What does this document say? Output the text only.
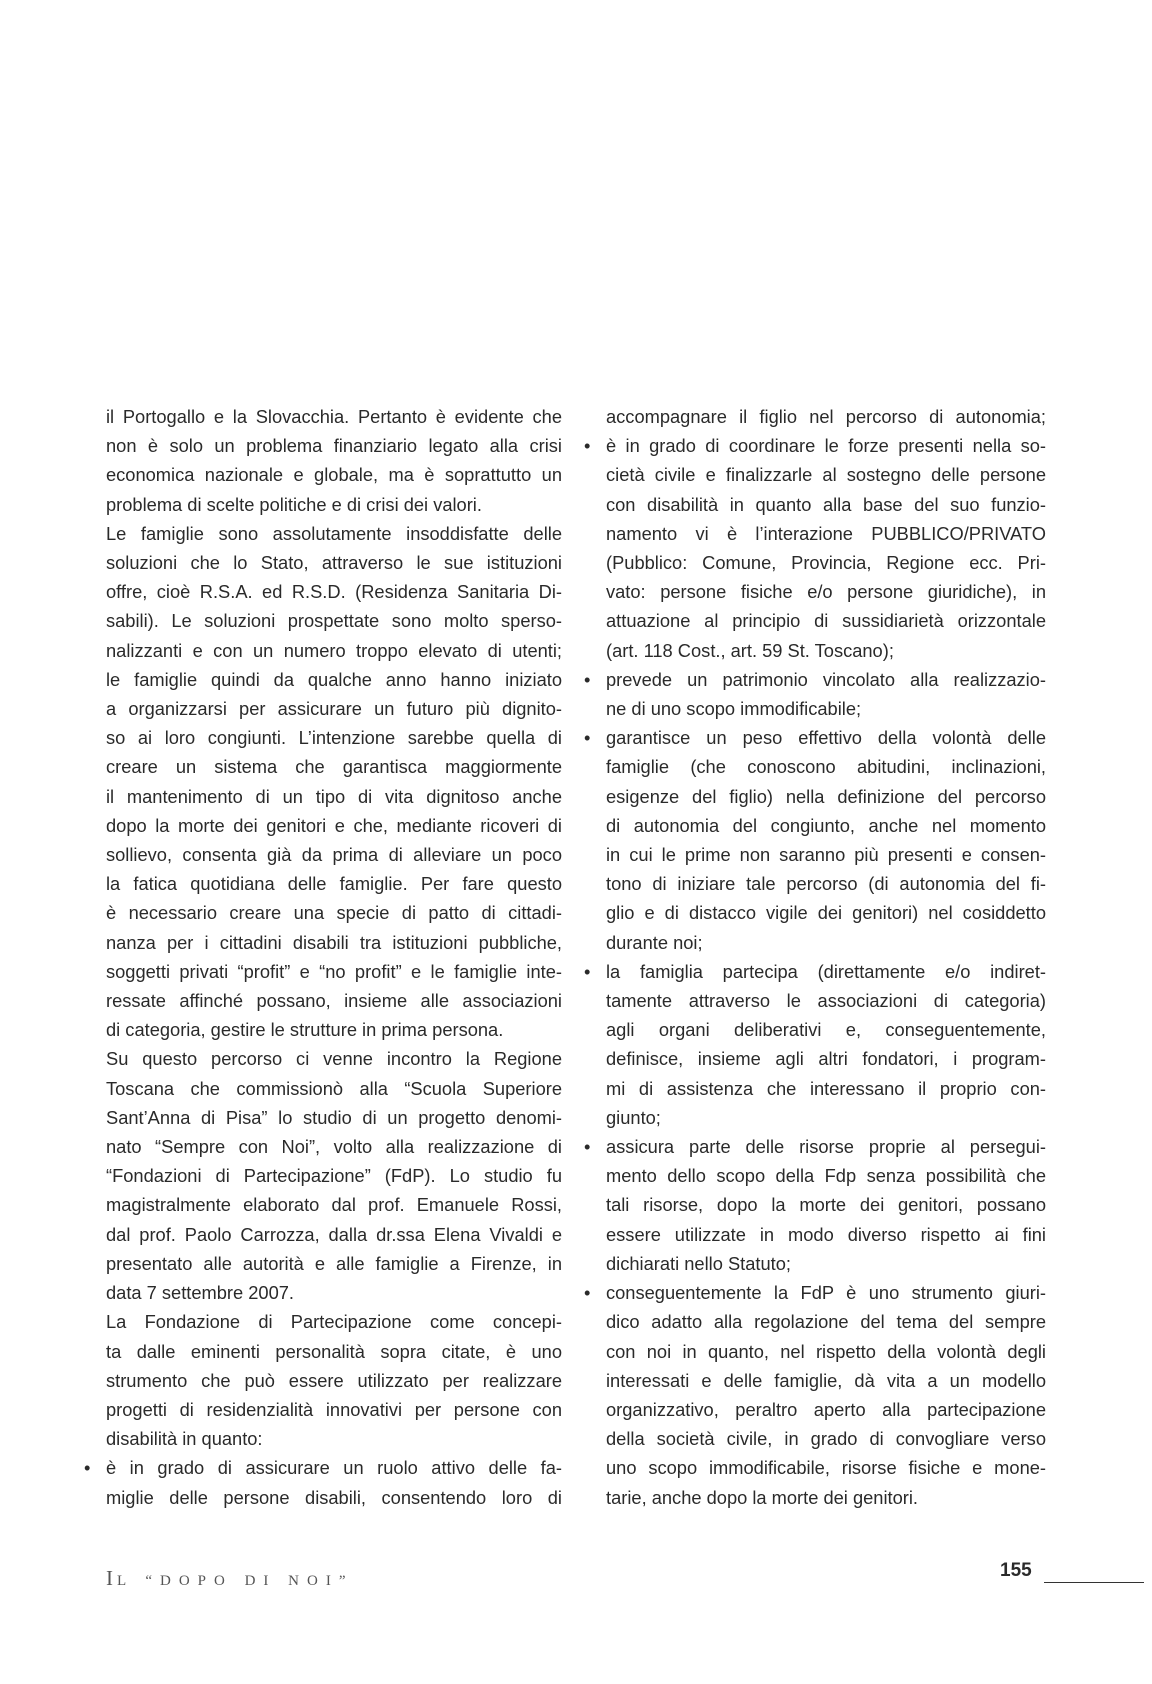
il Portogallo e la Slovacchia. Pertanto è evidente che
non è solo un problema finanziario legato alla crisi
economica nazionale e globale, ma è soprattutto un
problema di scelte politiche e di crisi dei valori.
Le famiglie sono assolutamente insoddisfatte delle
soluzioni che lo Stato, attraverso le sue istituzioni
offre, cioè R.S.A. ed R.S.D. (Residenza Sanitaria Di-
sabili). Le soluzioni prospettate sono molto sperso-
nalizzanti e con un numero troppo elevato di utenti;
le famiglie quindi da qualche anno hanno iniziato
a organizzarsi per assicurare un futuro più dignito-
so ai loro congiunti. L’intenzione sarebbe quella di
creare un sistema che garantisca maggiormente
il mantenimento di un tipo di vita dignitoso anche
dopo la morte dei genitori e che, mediante ricoveri di
sollievo, consenta già da prima di alleviare un poco
la fatica quotidiana delle famiglie. Per fare questo
è necessario creare una specie di patto di cittadi-
nanza per i cittadini disabili tra istituzioni pubbliche,
soggetti privati “profit” e “no profit” e le famiglie inte-
ressate affinché possano, insieme alle associazioni
di categoria, gestire le strutture in prima persona.
Su questo percorso ci venne incontro la Regione
Toscana che commissionò alla “Scuola Superiore
Sant’Anna di Pisa” lo studio di un progetto denomi-
nato “Sempre con Noi”, volto alla realizzazione di
“Fondazioni di Partecipazione” (FdP). Lo studio fu
magistralmente elaborato dal prof. Emanuele Rossi,
dal prof. Paolo Carrozza, dalla dr.ssa Elena Vivaldi e
presentato alle autorità e alle famiglie a Firenze, in
data 7 settembre 2007.
La Fondazione di Partecipazione come concepi-
ta dalle eminenti personalità sopra citate, è uno
strumento che può essere utilizzato per realizzare
progetti di residenzialità innovativi per persone con
disabilità in quanto:
• è in grado di assicurare un ruolo attivo delle fa-
miglie delle persone disabili, consentendo loro di
accompagnare il figlio nel percorso di autonomia;
• è in grado di coordinare le forze presenti nella so-
cietà civile e finalizzarle al sostegno delle persone
con disabilità in quanto alla base del suo funzio-
namento vi è l’interazione PUBBLICO/PRIVATO
(Pubblico: Comune, Provincia, Regione ecc. Pri-
vato: persone fisiche e/o persone giuridiche), in
attuazione al principio di sussidiarietà orizzontale
(art. 118 Cost., art. 59 St. Toscano);
• prevede un patrimonio vincolato alla realizzazio-
ne di uno scopo immodificabile;
• garantisce un peso effettivo della volontà delle
famiglie (che conoscono abitudini, inclinazioni,
esigenze del figlio) nella definizione del percorso
di autonomia del congiunto, anche nel momento
in cui le prime non saranno più presenti e consen-
tono di iniziare tale percorso (di autonomia del fi-
glio e di distacco vigile dei genitori) nel cosiddetto
durante noi;
• la famiglia partecipa (direttamente e/o indiret-
tamente attraverso le associazioni di categoria)
agli organi deliberativi e, conseguentemente,
definisce, insieme agli altri fondatori, i program-
mi di assistenza che interessano il proprio con-
giunto;
• assicura parte delle risorse proprie al persegui-
mento dello scopo della Fdp senza possibilità che
tali risorse, dopo la morte dei genitori, possano
essere utilizzate in modo diverso rispetto ai fini
dichiarati nello Statuto;
• conseguentemente la FdP è uno strumento giuri-
dico adatto alla regolazione del tema del sempre
con noi in quanto, nel rispetto della volontà degli
interessati e delle famiglie, dà vita a un modello
organizzativo, peraltro aperto alla partecipazione
della società civile, in grado di convogliare verso
uno scopo immodificabile, risorse fisiche e mone-
tarie, anche dopo la morte dei genitori.
IL “DOPO DI NOI”	155
